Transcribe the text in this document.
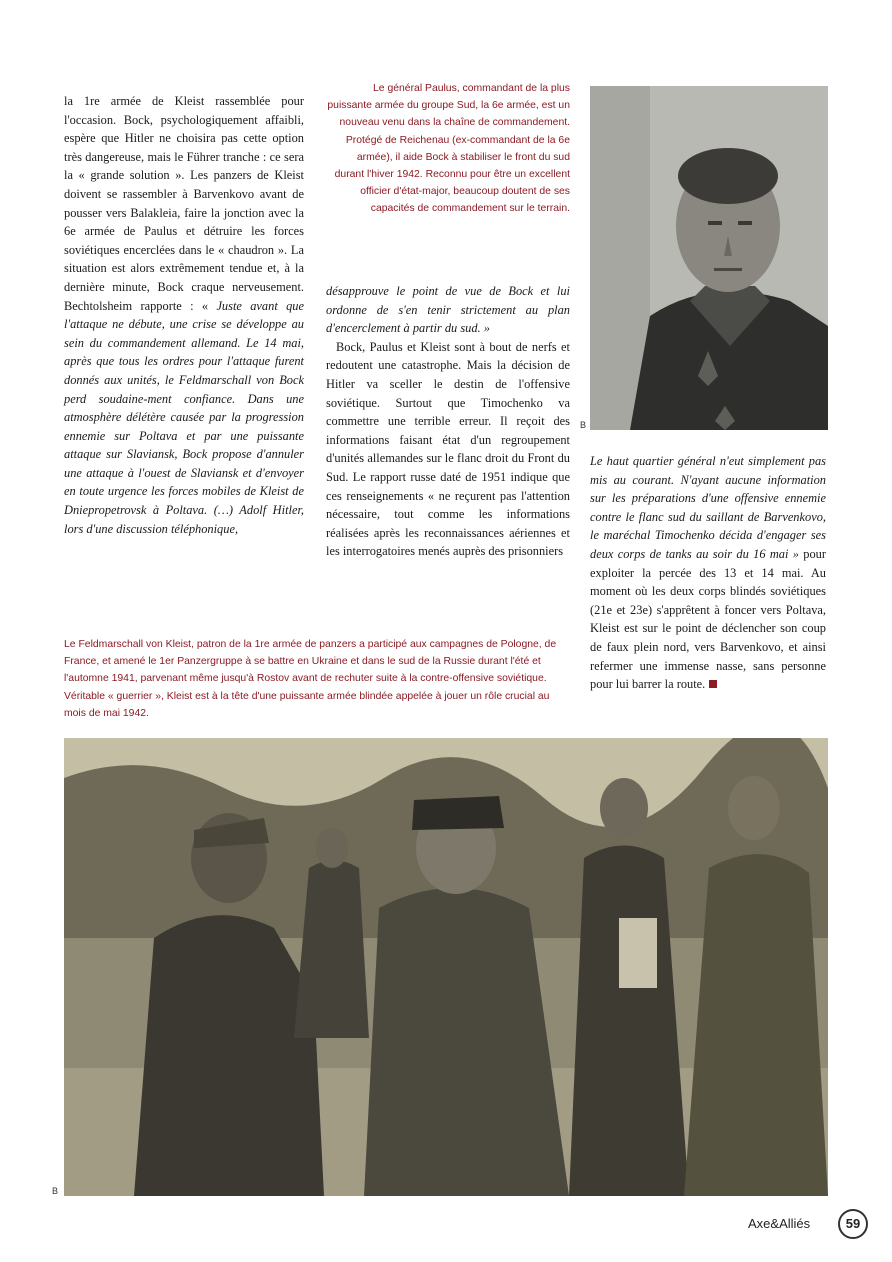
la 1re armée de Kleist rassemblée pour l'occasion. Bock, psychologiquement affaibli, espère que Hitler ne choisira pas cette option très dangereuse, mais le Führer tranche : ce sera la « grande solution ». Les panzers de Kleist doivent se rassembler à Barvenkovo avant de pousser vers Balakleia, faire la jonction avec la 6e armée de Paulus et détruire les forces soviétiques encerclées dans le « chaudron ». La situation est alors extrêmement tendue et, à la dernière minute, Bock craque nerveusement. Bechtolsheim rapporte : « Juste avant que l'attaque ne débute, une crise se développe au sein du commandement allemand. Le 14 mai, après que tous les ordres pour l'attaque furent donnés aux unités, le Feldmarschall von Bock perd soudaine-ment confiance. Dans une atmosphère délétère causée par la progression ennemie sur Poltava et par une puissante attaque sur Slaviansk, Bock propose d'annuler une attaque à l'ouest de Slaviansk et d'envoyer en toute urgence les forces mobiles de Kleist de Dniepropetrovsk à Poltava. (…) Adolf Hitler, lors d'une discussion téléphonique,

Le général Paulus, commandant de la plus puissante armée du groupe Sud, la 6e armée, est un nouveau venu dans la chaîne de commandement. Protégé de Reichenau (ex-commandant de la 6e armée), il aide Bock à stabiliser le front du sud durant l'hiver 1942. Reconnu pour être un excellent officier d'état-major, beaucoup doutent de ses capacités de commandement sur le terrain.

désapprouve le point de vue de Bock et lui ordonne de s'en tenir strictement au plan d'encerclement à partir du sud. »

Bock, Paulus et Kleist sont à bout de nerfs et redoutent une catastrophe. Mais la décision de Hitler va sceller le destin de l'offensive soviétique. Surtout que Timochenko va commettre une terrible erreur. Il reçoit des informations faisant état d'un regroupement d'unités allemandes sur le flanc droit du Front du Sud. Le rapport russe daté de 1951 indique que ces renseignements « ne reçurent pas l'attention nécessaire, tout comme les informations réalisées après les reconnaissances aériennes et les interrogatoires menés auprès des prisonniers

B

Le haut quartier général n'eut simplement pas mis au courant. N'ayant aucune information sur les préparations d'une offensive ennemie contre le flanc sud du saillant de Barvenkovo, le maréchal Timochenko décida d'engager ses deux corps de tanks au soir du 16 mai » pour exploiter la percée des 13 et 14 mai. Au moment où les deux corps blindés soviétiques (21e et 23e) s'apprêtent à foncer vers Poltava, Kleist est sur le point de déclencher son coup de faux plein nord, vers Barvenkovo, et ainsi refermer une immense nasse, sans personne pour lui barrer la route.

Le Feldmarschall von Kleist, patron de la 1re armée de panzers a participé aux campagnes de Pologne, de France, et amené le 1er Panzergruppe à se battre en Ukraine et dans le sud de la Russie durant l'été et l'automne 1941, parvenant même jusqu'à Rostov avant de rechuter suite à la contre-offensive soviétique. Véritable « guerrier », Kleist est à la tête d'une puissante armée blindée appelée à jouer un rôle crucial au mois de mai 1942.
B
Axe&Alliés	59
